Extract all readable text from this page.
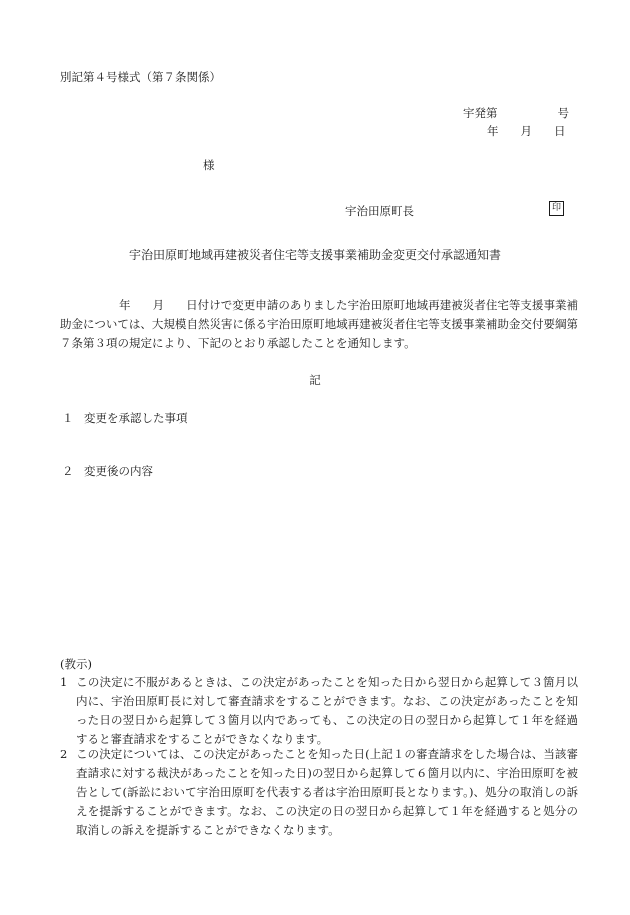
別記第４号様式（第７条関係）
宇発第	号
年 月 日
様
宇治田原町長	印
宇治田原町地域再建被災者住宅等支援事業補助金変更交付承認通知書
年 月 日付けで変更申請のありました宇治田原町地域再建被災者住宅等支援事業補助金については、大規模自然災害に係る宇治田原町地域再建被災者住宅等支援事業補助金交付要綱第７条第３項の規定により、下記のとおり承認したことを通知します。
記
１ 変更を承認した事項
２ 変更後の内容
(教示)
1 この決定に不服があるときは、この決定があったことを知った日から翌日から起算して３箇月以内に、宇治田原町長に対して審査請求をすることができます。なお、この決定があったことを知った日の翌日から起算して３箇月以内であっても、この決定の日の翌日から起算して１年を経過すると審査請求をすることができなくなります。
2 この決定については、この決定があったことを知った日(上記１の審査請求をした場合は、当該審査請求に対する裁決があったことを知った日)の翌日から起算して６箇月以内に、宇治田原町を被告として(訴訟において宇治田原町を代表する者は宇治田原町長となります。)、処分の取消しの訴えを提訴することができます。なお、この決定の日の翌日から起算して１年を経過すると処分の取消しの訴えを提訴することができなくなります。
